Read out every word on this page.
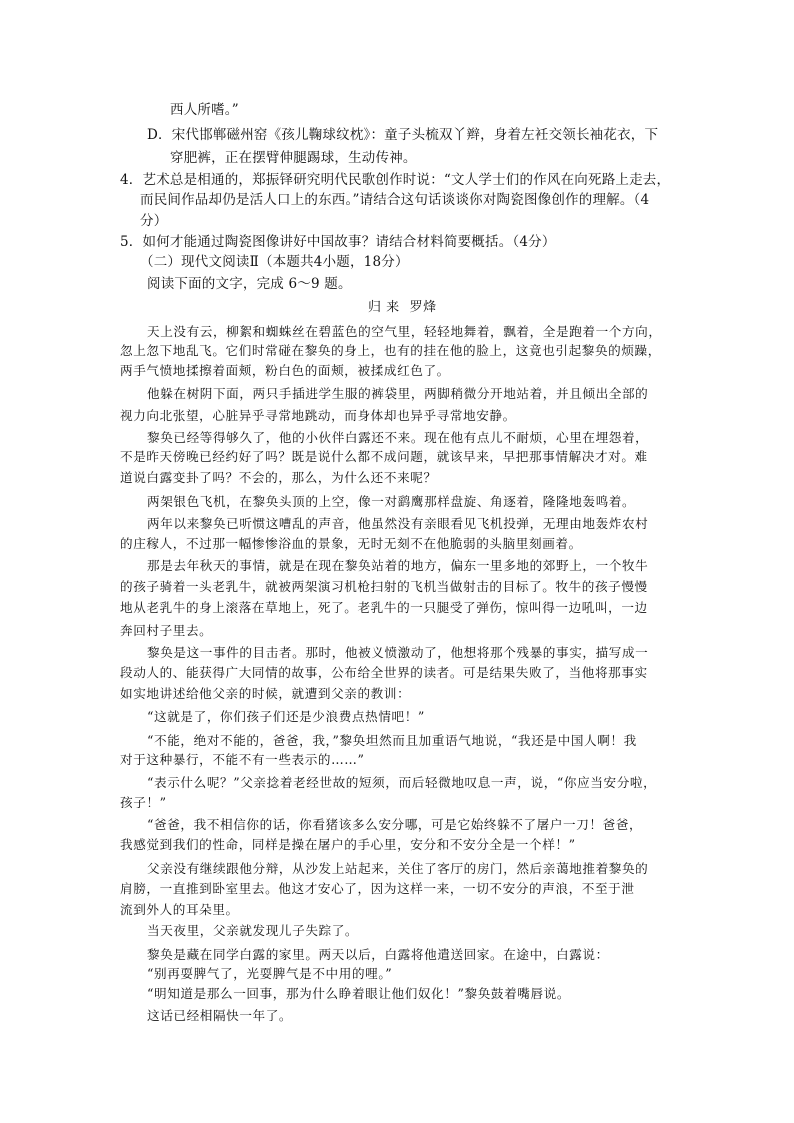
西人所嗜。”
D．宋代邯郸磁州窑《孩儿鞠球纹枕》：童子头梳双丫辫，身着左衽交领长袖花衣，下
穿肥裤，正在摆臂伸腿踢球，生动传神。
4．艺术总是相通的，郑振铎研究明代民歌创作时说：“文人学士们的作风在向死路上走去，
而民间作品却仍是活人口上的东西。”请结合这句话谈谈你对陶瓷图像创作的理解。（4
分）
5．如何才能通过陶瓷图像讲好中国故事？请结合材料简要概括。（4分）
（二）现代文阅读Ⅱ（本题共4小题，18分）
阅读下面的文字，完成 6～9 题。
归 来 罗烽
天上没有云，柳絮和蜘蛛丝在碧蓝色的空气里，轻轻地舞着，飘着，全是跑着一个方向，
忽上忽下地乱飞。它们时常碰在黎奂的身上，也有的挂在他的脸上，这竟也引起黎奂的烦躁，
两手气愤地揉擦着面颊，粉白色的面颊，被揉成红色了。
他躲在树阴下面，两只手插进学生服的裤袋里，两脚稍微分开地站着，并且倾出全部的
视力向北张望，心脏异乎寻常地跳动，而身体却也异乎寻常地安静。
黎奂已经等得够久了，他的小伙伴白露还不来。现在他有点儿不耐烦，心里在埋怨着，
不是昨天傍晚已经约好了吗？既是说什么都不成问题，就该早来，早把那事情解决才对。难
道说白露变卦了吗？不会的，那么，为什么还不来呢？
两架银色飞机，在黎奂头顶的上空，像一对鹞鹰那样盘旋、角逐着，隆隆地轰鸣着。
两年以来黎奂已听惯这嘈乱的声音，他虽然没有亲眼看见飞机投弹，无理由地轰炸农村
的庄稼人，不过那一幅惨惨浴血的景象，无时无刻不在他脆弱的头脑里刻画着。
那是去年秋天的事情，就是在现在黎奂站着的地方，偏东一里多地的郊野上，一个牧牛
的孩子骑着一头老乳牛，就被两架演习机枪扫射的飞机当做射击的目标了。牧牛的孩子慢慢
地从老乳牛的身上滚落在草地上，死了。老乳牛的一只腿受了弹伤，惊叫得一边吼叫，一边
奔回村子里去。
黎奂是这一事件的目击者。那时，他被义愤激动了，他想将那个残暴的事实，描写成一
段动人的、能获得广大同情的故事，公布给全世界的读者。可是结果失败了，当他将那事实
如实地讲述给他父亲的时候，就遭到父亲的教训：
“这就是了，你们孩子们还是少浪费点热情吧！”
“不能，绝对不能的，爸爸，我，”黎奂坦然而且加重语气地说，“我还是中国人啊！我
对于这种暴行，不能不有一些表示的……”
“表示什么呢？”父亲捻着老经世故的短须，而后轻微地叹息一声，说，“你应当安分啦，
孩子！”
“爸爸，我不相信你的话，你看猪该多么安分哪，可是它始终躲不了屠户一刀！爸爸，
我感觉到我们的性命，同样是操在屠户的手心里，安分和不安分全是一个样！”
父亲没有继续跟他分辩，从沙发上站起来，关住了客厅的房门，然后亲蔼地推着黎奂的
肩膀，一直推到卧室里去。他这才安心了，因为这样一来，一切不安分的声浪，不至于泄
流到外人的耳朵里。
当天夜里，父亲就发现儿子失踪了。
黎奂是藏在同学白露的家里。两天以后，白露将他遣送回家。在途中，白露说：
“别再耍脾气了，光耍脾气是不中用的哩。”
“明知道是那么一回事，那为什么睁着眼让他们奴化！”黎奂鼓着嘴唇说。
这话已经相隔快一年了。
